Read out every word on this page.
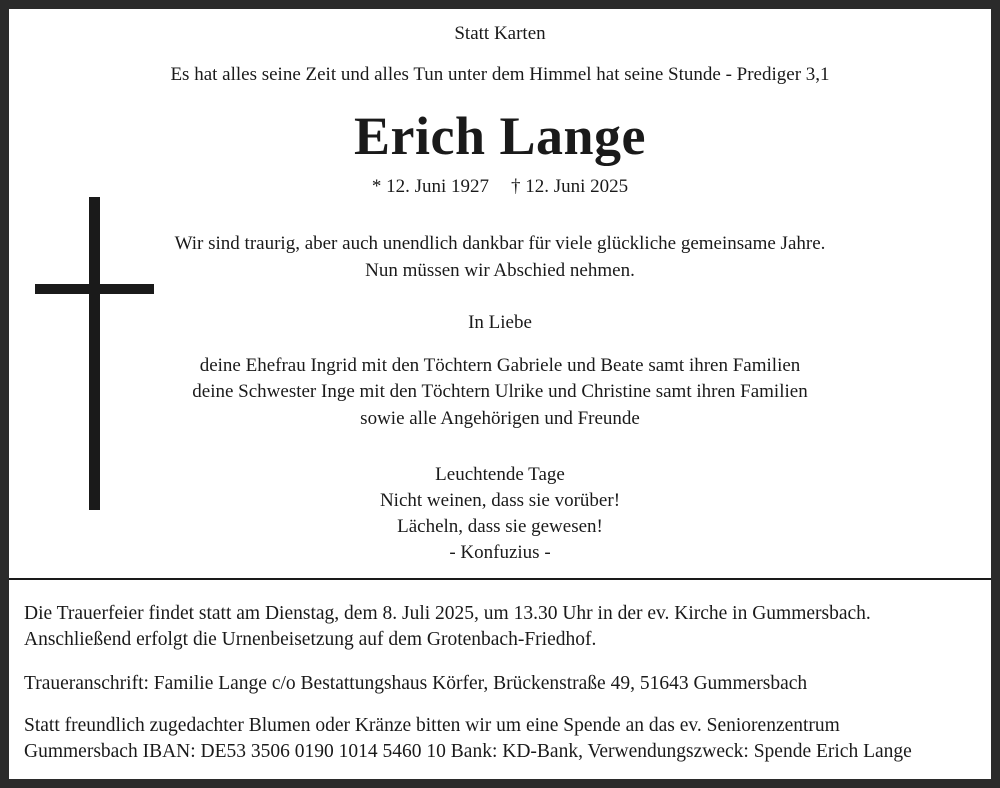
Statt Karten
Es hat alles seine Zeit und alles Tun unter dem Himmel hat seine Stunde - Prediger 3,1
Erich Lange
* 12. Juni 1927 † 12. Juni 2025
Wir sind traurig, aber auch unendlich dankbar für viele glückliche gemeinsame Jahre.
Nun müssen wir Abschied nehmen.
In Liebe
deine Ehefrau Ingrid mit den Töchtern Gabriele und Beate samt ihren Familien
deine Schwester Inge mit den Töchtern Ulrike und Christine samt ihren Familien
sowie alle Angehörigen und Freunde
Leuchtende Tage
Nicht weinen, dass sie vorüber!
Lächeln, dass sie gewesen!
- Konfuzius -
Die Trauerfeier findet statt am Dienstag, dem 8. Juli 2025, um 13.30 Uhr in der ev. Kirche in Gummersbach.
Anschließend erfolgt die Urnenbeisetzung auf dem Grotenbach-Friedhof.
Traueranschrift: Familie Lange c/o Bestattungshaus Körfer, Brückenstraße 49, 51643 Gummersbach
Statt freundlich zugedachter Blumen oder Kränze bitten wir um eine Spende an das ev. Seniorenzentrum
Gummersbach IBAN: DE53 3506 0190 1014 5460 10 Bank: KD-Bank, Verwendungszweck: Spende Erich Lange
